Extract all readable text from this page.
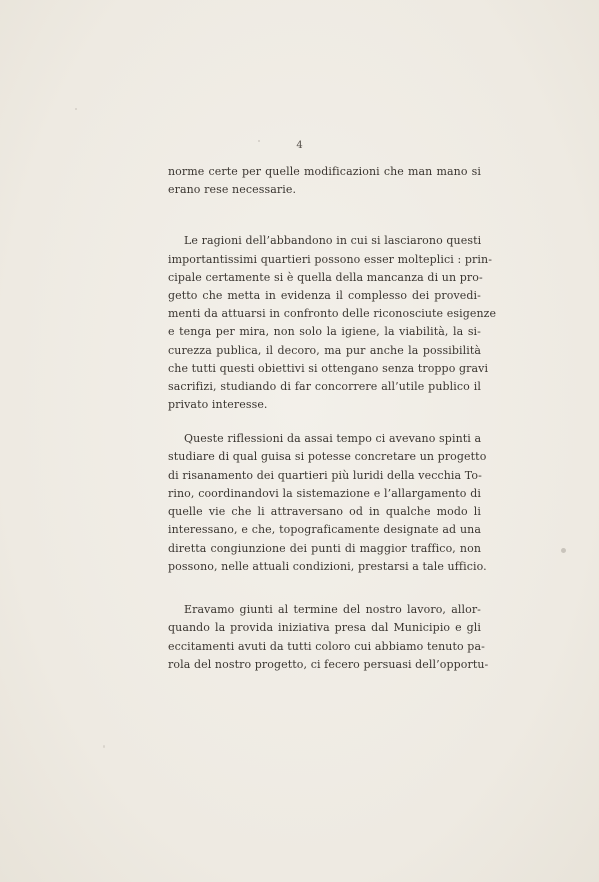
4
norme certe per quelle modificazioni che man mano si
erano rese necessarie.
Le ragioni dell’abbandono in cui si lasciarono questi
importantissimi quartieri possono esser molteplici : prin-
cipale certamente si è quella della mancanza di un pro-
getto che metta in evidenza il complesso dei provedi-
menti da attuarsi in confronto delle riconosciute esigenze
e tenga per mira, non solo la igiene, la viabilità, la si-
curezza publica, il decoro, ma pur anche la possibilità
che tutti questi obiettivi si ottengano senza troppo gravi
sacrifizi, studiando di far concorrere all’utile publico il
privato interesse.
Queste riflessioni da assai tempo ci avevano spinti a
studiare di qual guisa si potesse concretare un progetto
di risanamento dei quartieri più luridi della vecchia To-
rino, coordinandovi la sistemazione e l’allargamento di
quelle vie che li attraversano od in qualche modo li
interessano, e che, topograficamente designate ad una
diretta congiunzione dei punti di maggior traffico, non
possono, nelle attuali condizioni, prestarsi a tale ufficio.
Eravamo giunti al termine del nostro lavoro, allor-
quando la provida iniziativa presa dal Municipio e gli
eccitamenti avuti da tutti coloro cui abbiamo tenuto pa-
rola del nostro progetto, ci fecero persuasi dell’opportu-
